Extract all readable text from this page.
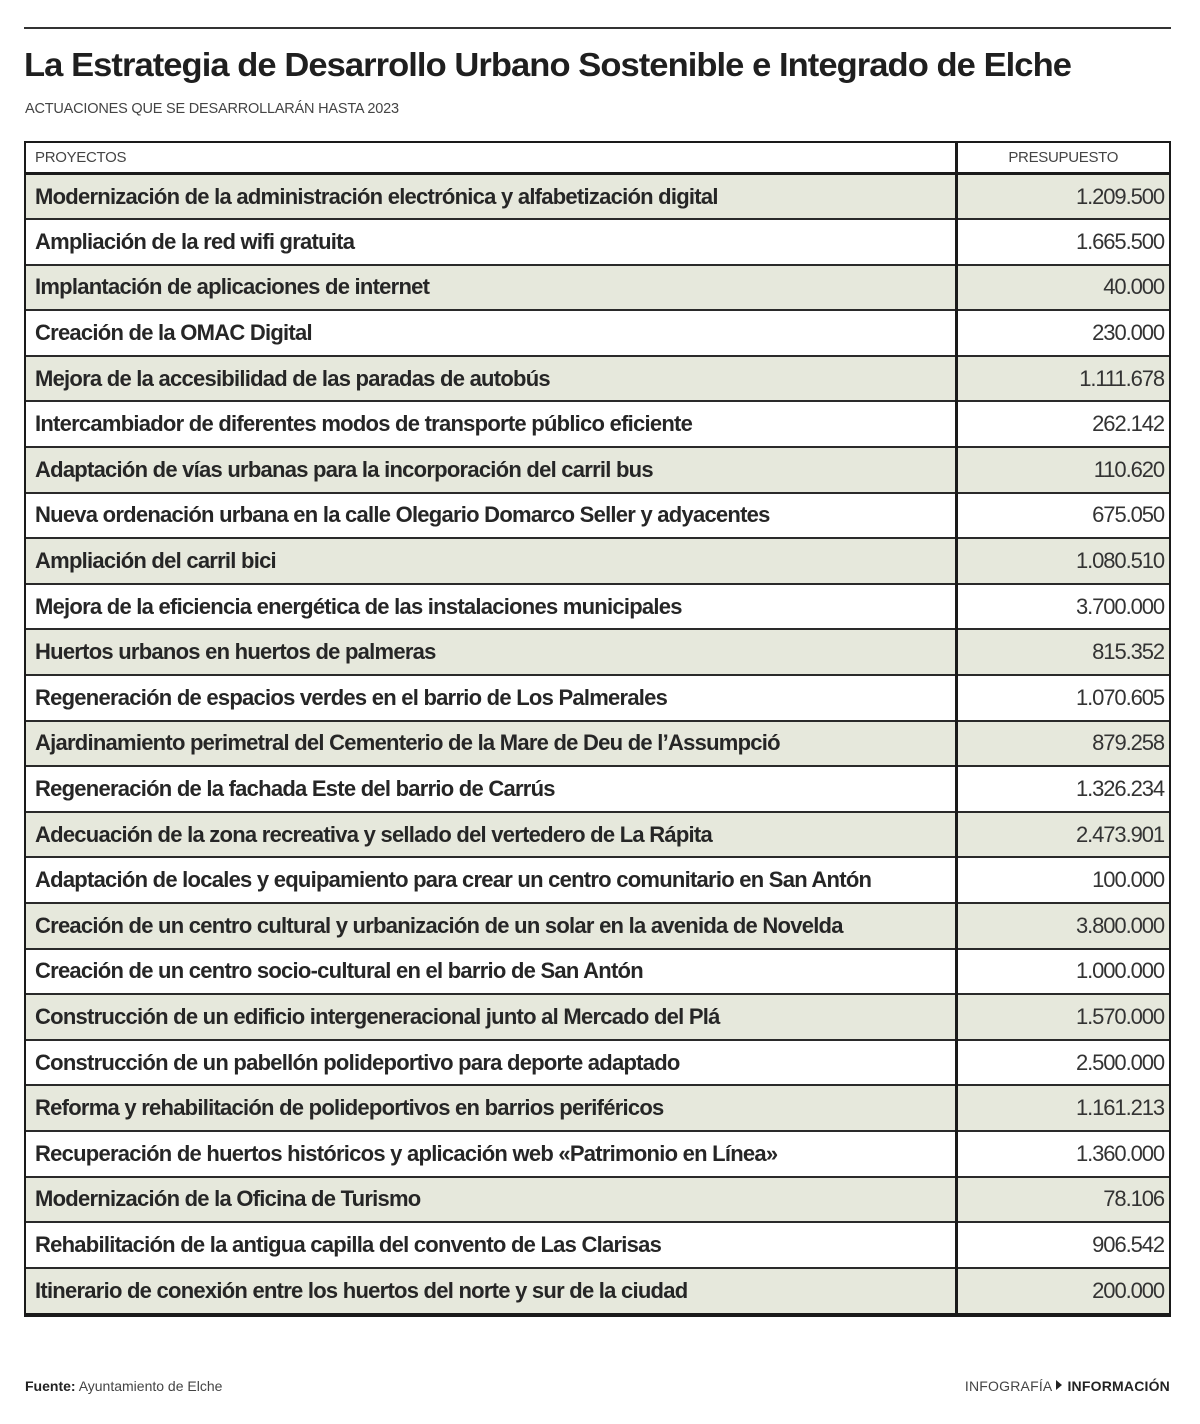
La Estrategia de Desarrollo Urbano Sostenible e Integrado de Elche
ACTUACIONES QUE SE DESARROLLARÁN HASTA 2023
PROYECTOS	PRESUPUESTO
Modernización de la administración electrónica y alfabetización digital	1.209.500
Ampliación de la red wifi gratuita	1.665.500
Implantación de aplicaciones de internet	40.000
Creación de la OMAC Digital	230.000
Mejora de la accesibilidad de las paradas de autobús	1.111.678
Intercambiador de diferentes modos de transporte público eficiente	262.142
Adaptación de vías urbanas para la incorporación del carril bus	110.620
Nueva ordenación urbana en la calle Olegario Domarco Seller y adyacentes	675.050
Ampliación del carril bici	1.080.510
Mejora de la eficiencia energética de las instalaciones municipales	3.700.000
Huertos urbanos en huertos de palmeras	815.352
Regeneración de espacios verdes en el barrio de Los Palmerales	1.070.605
Ajardinamiento perimetral del Cementerio de la Mare de Deu de l’Assumpció	879.258
Regeneración de la fachada Este del barrio de Carrús	1.326.234
Adecuación de la zona recreativa y sellado del vertedero de La Rápita	2.473.901
Adaptación de locales y equipamiento para crear un centro comunitario en San Antón	100.000
Creación de un centro cultural y urbanización de un solar en la avenida de Novelda	3.800.000
Creación de un centro socio-cultural en el barrio de San Antón	1.000.000
Construcción de un edificio intergeneracional junto al Mercado del Plá	1.570.000
Construcción de un pabellón polideportivo para deporte adaptado	2.500.000
Reforma y rehabilitación de polideportivos en barrios periféricos	1.161.213
Recuperación de huertos históricos y aplicación web «Patrimonio en Línea»	1.360.000
Modernización de la Oficina de Turismo	78.106
Rehabilitación de la antigua capilla del convento de Las Clarisas	906.542
Itinerario de conexión entre los huertos del norte y sur de la ciudad	200.000
Fuente: Ayuntamiento de Elche	INFOGRAFÍA INFORMACIÓN
